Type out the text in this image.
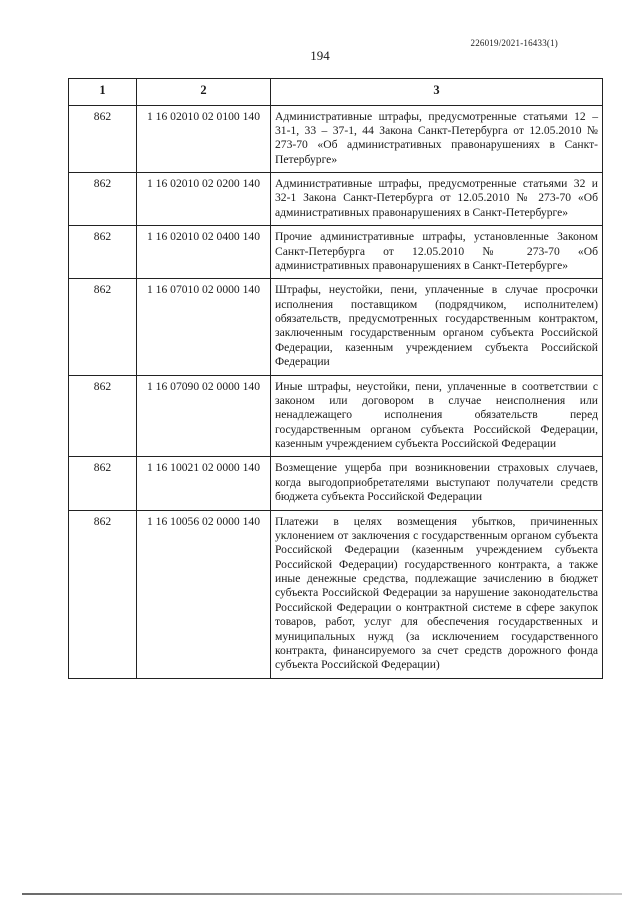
226019/2021-16433(1)
194
1	2	3
862	1 16 02010 02 0100 140	Административные штрафы, предусмотренные статьями 12 – 31-1, 33 – 37-1, 44 Закона Санкт-Петербурга от 12.05.2010 № 273-70 «Об административных правонарушениях в Санкт-Петербурге»
862	1 16 02010 02 0200 140	Административные штрафы, предусмотренные статьями 32 и 32-1 Закона Санкт-Петербурга от 12.05.2010 № 273-70 «Об административных правонарушениях в Санкт-Петербурге»
862	1 16 02010 02 0400 140	Прочие административные штрафы, установленные Законом Санкт-Петербурга от 12.05.2010 № 273-70 «Об административных правонарушениях в Санкт-Петербурге»
862	1 16 07010 02 0000 140	Штрафы, неустойки, пени, уплаченные в случае просрочки исполнения поставщиком (подрядчиком, исполнителем) обязательств, предусмотренных государственным контрактом, заключенным государственным органом субъекта Российской Федерации, казенным учреждением субъекта Российской Федерации
862	1 16 07090 02 0000 140	Иные штрафы, неустойки, пени, уплаченные в соответствии с законом или договором в случае неисполнения или ненадлежащего исполнения обязательств перед государственным органом субъекта Российской Федерации, казенным учреждением субъекта Российской Федерации
862	1 16 10021 02 0000 140	Возмещение ущерба при возникновении страховых случаев, когда выгодоприобретателями выступают получатели средств бюджета субъекта Российской Федерации
862	1 16 10056 02 0000 140	Платежи в целях возмещения убытков, причиненных уклонением от заключения с государственным органом субъекта Российской Федерации (казенным учреждением субъекта Российской Федерации) государственного контракта, а также иные денежные средства, подлежащие зачислению в бюджет субъекта Российской Федерации за нарушение законодательства Российской Федерации о контрактной системе в сфере закупок товаров, работ, услуг для обеспечения государственных и муниципальных нужд (за исключением государственного контракта, финансируемого за счет средств дорожного фонда субъекта Российской Федерации)
